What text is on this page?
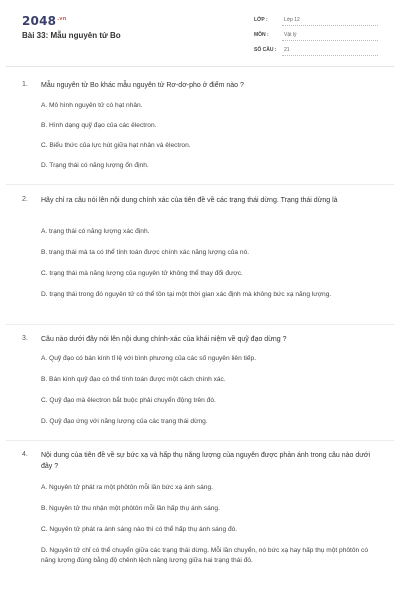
$2048^{.vn}$
Bài 33: Mẫu nguyên tử Bo
LỚP :	Lớp 12
MÔN :	Vật lý
SỐ CÂU : 21
1. Mẫu nguyên tử Bo khác mẫu nguyên tử Rơ-dơ-pho ở điểm nào ?
A. Mô hình nguyên tử có hạt nhân.
B. Hình dạng quỹ đạo của các êlectron.
C. Biểu thức của lực hút giữa hạt nhân và êlectron.
D. Trạng thái có năng lượng ổn định.
2. Hãy chỉ ra câu nói lên nội dung chính xác của tiên đề về các trạng thái dừng. Trạng thái dừng là
A. trạng thái có năng lượng xác định.
B. trạng thái mà ta có thể tính toán được chính xác năng lượng của nó.
C. trạng thái mà năng lượng của nguyên tử không thể thay đổi được.
D. trạng thái trong đó nguyên tử có thể tồn tại một thời gian xác định mà không bức xạ năng lượng.
3. Câu nào dưới đây nói lên nội dung chính-xác của khái niệm về quỹ đạo dừng ?
A. Quỹ đạo có bán kính tỉ lệ với bình phương của các số nguyên liên tiếp.
B. Bán kính quỹ đạo có thể tính toán được một cách chính xác.
C. Quỹ đạo mà êlectron bắt buộc phải chuyển động trên đó.
D. Quỹ đạo ứng với năng lượng của các trạng thái dừng.
4. Nội dung của tiên đề về sự bức xạ và hấp thụ năng lượng của nguyên được phản ánh trong câu nào dưới đây ?
A. Nguyên tử phát ra một phôtôn mỗi lần bức xạ ánh sáng.
B. Nguyên tử thu nhận một phôtôn mỗi lần hấp thụ ánh sáng.
C. Nguyên tử phát ra ánh sáng nào thì có thể hấp thụ ánh sáng đó.
D. Nguyên tử chỉ có thể chuyển giữa các trạng thái dừng. Mỗi lần chuyển, nó bức xạ hay hấp thụ một phôtôn có năng lượng đúng bằng độ chênh lệch năng lượng giữa hai trạng thái đó.
